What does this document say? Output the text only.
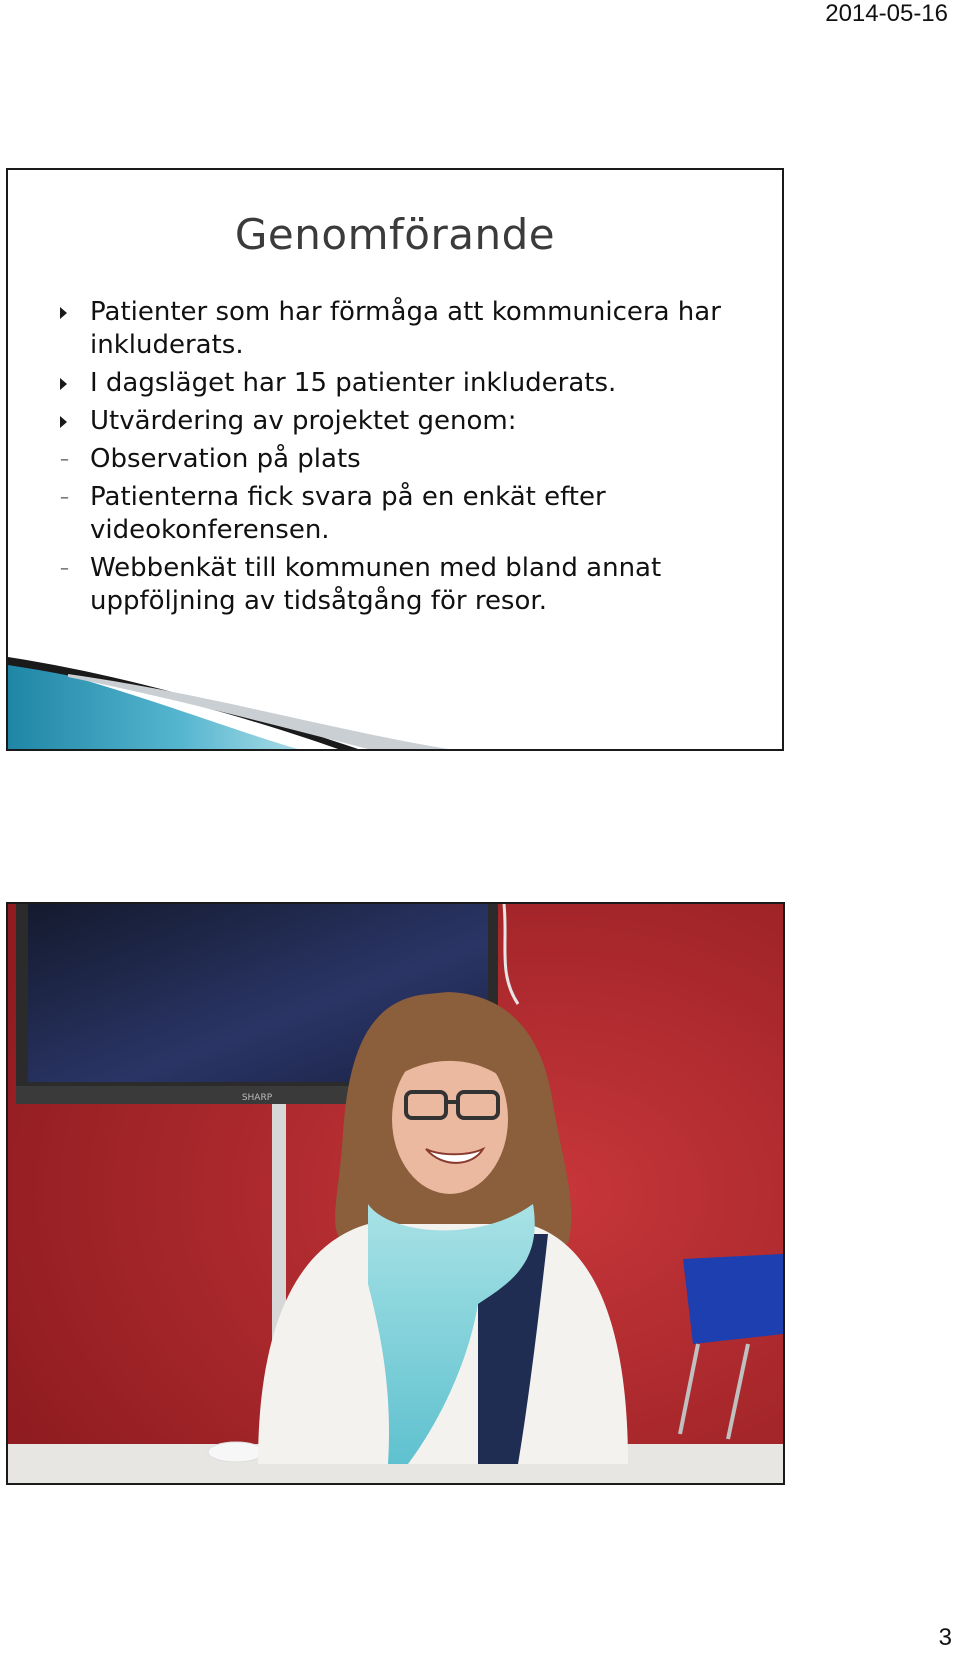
2014-05-16
Genomförande
Patienter som har förmåga att kommunicera har inkluderats.
I dagsläget har 15 patienter inkluderats.
Utvärdering av projektet genom:
– Observation på plats
– Patienterna fick svara på en enkät efter videokonferensen.
– Webbenkät till kommunen med bland annat uppföljning av tidsåtgång för resor.
SHARP
3
